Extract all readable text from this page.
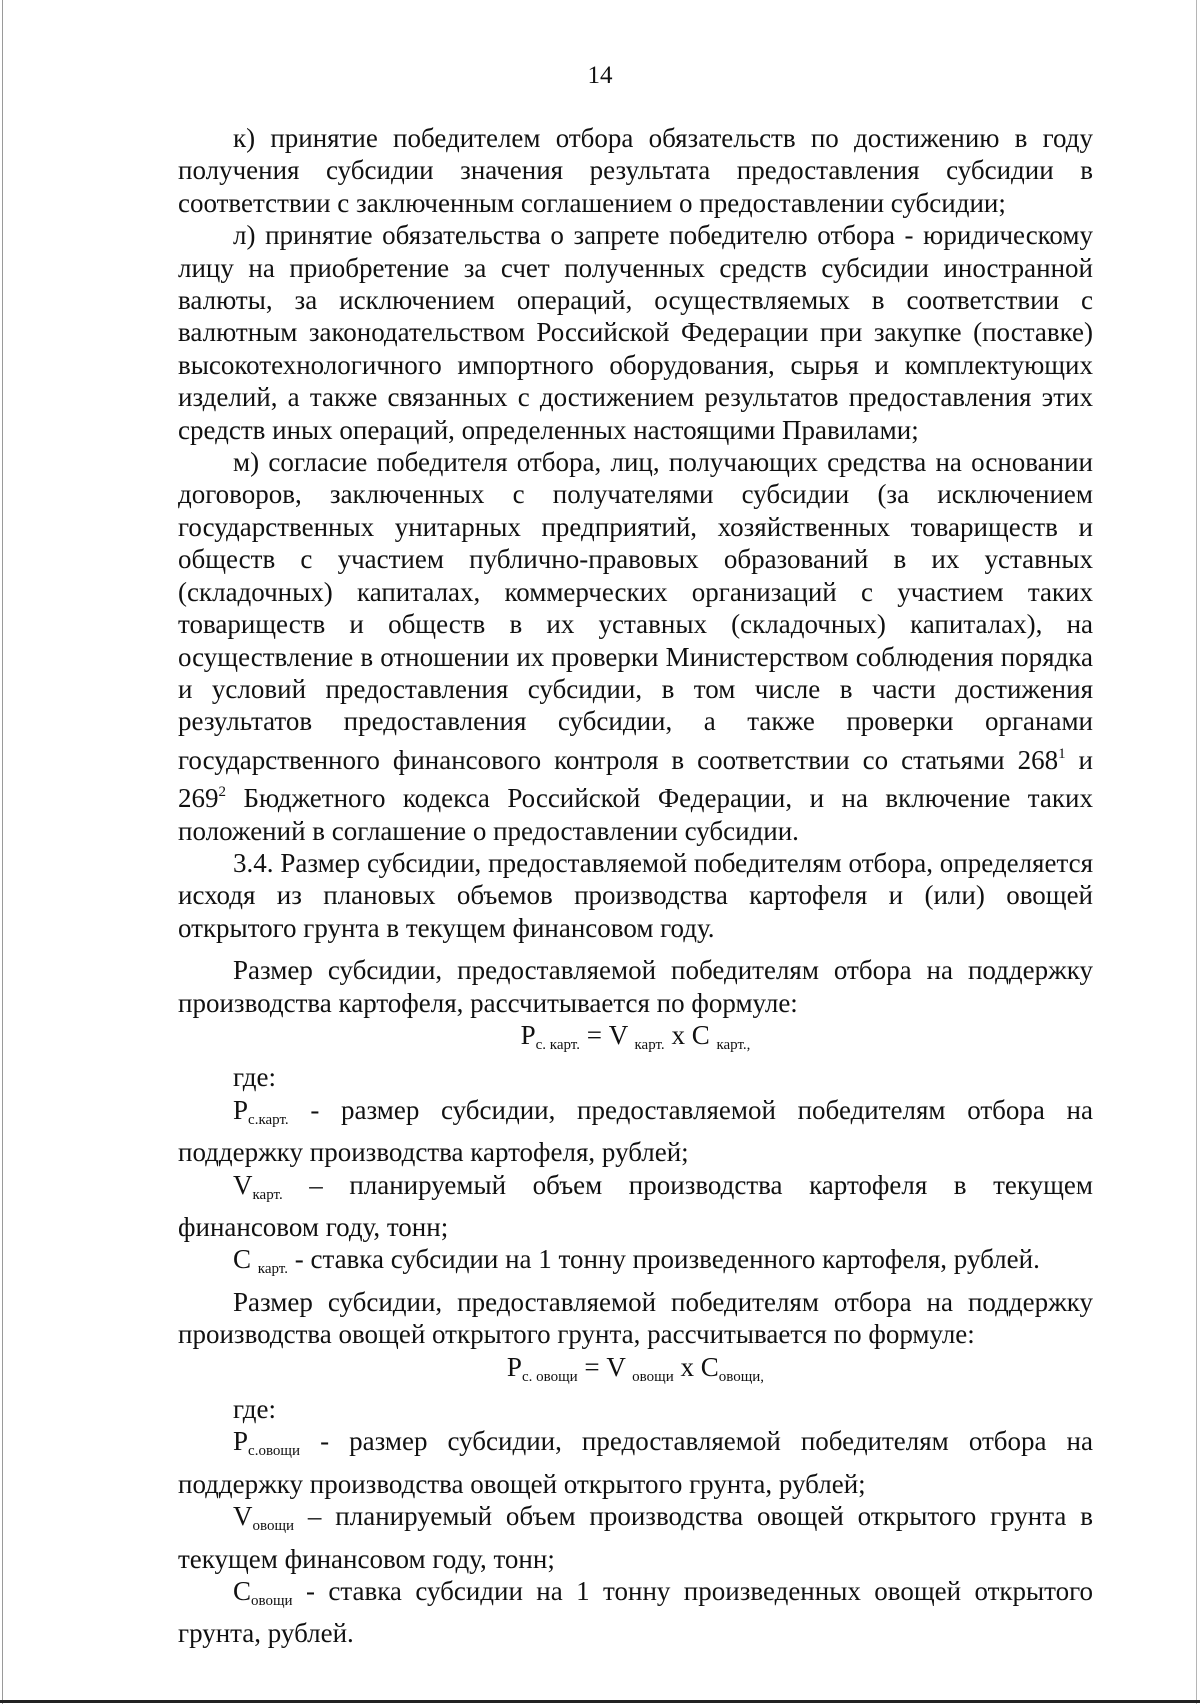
14

к) принятие победителем отбора обязательств по достижению в году получения субсидии значения результата предоставления субсидии в соответствии с заключенным соглашением о предоставлении субсидии;

л) принятие обязательства о запрете победителю отбора - юридическому лицу на приобретение за счет полученных средств субсидии иностранной валюты, за исключением операций, осуществляемых в соответствии с валютным законодательством Российской Федерации при закупке (поставке) высокотехнологичного импортного оборудования, сырья и комплектующих изделий, а также связанных с достижением результатов предоставления этих средств иных операций, определенных настоящими Правилами;

м) согласие победителя отбора, лиц, получающих средства на основании договоров, заключенных с получателями субсидии (за исключением государственных унитарных предприятий, хозяйственных товариществ и обществ с участием публично-правовых образований в их уставных (складочных) капиталах, коммерческих организаций с участием таких товариществ и обществ в их уставных (складочных) капиталах), на осуществление в отношении их проверки Министерством соблюдения порядка и условий предоставления субсидии, в том числе в части достижения результатов предоставления субсидии, а также проверки органами государственного финансового контроля в соответствии со статьями $268^1$ и $269^2$ Бюджетного кодекса Российской Федерации, и на включение таких положений в соглашение о предоставлении субсидии.

3.4. Размер субсидии, предоставляемой победителям отбора, определяется исходя из плановых объемов производства картофеля и (или) овощей открытого грунта в текущем финансовом году.

Размер субсидии, предоставляемой победителям отбора на поддержку производства картофеля, рассчитывается по формуле:

$P_{с. карт.} = V$ $_{карт.}$ x C $_{карт.,}$

где:

$P_{с.карт.}$ - размер субсидии, предоставляемой победителям отбора на поддержку производства картофеля, рублей;

$V_{карт.}$ – планируемый объем производства картофеля в текущем финансовом году, тонн;

C $_{карт.}$ - ставка субсидии на 1 тонну произведенного картофеля, рублей.

Размер субсидии, предоставляемой победителям отбора на поддержку производства овощей открытого грунта, рассчитывается по формуле:

$P_{с. овощи} = V$ $_{овощи}$ x $C_{овощи,}$

где:

$P_{с.овощи}$ - размер субсидии, предоставляемой победителям отбора на поддержку производства овощей открытого грунта, рублей;

$V_{овощи}$ – планируемый объем производства овощей открытого грунта в текущем финансовом году, тонн;

$C_{овощи}$ - ставка субсидии на 1 тонну произведенных овощей открытого грунта, рублей.
